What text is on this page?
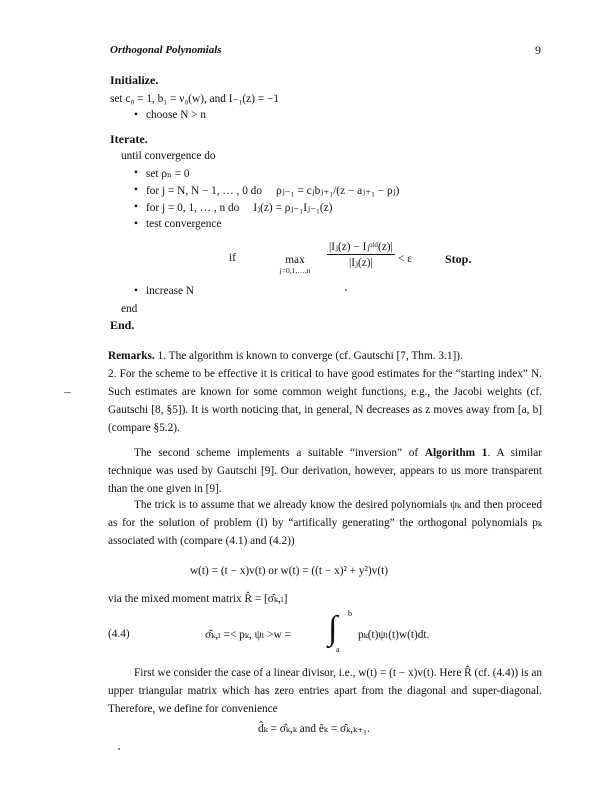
Orthogonal Polynomials	9
Initialize.
set c₀ = 1, b₁ = ν₀(w), and I₋₁(z) = −1
• choose N > n
Iterate.
until convergence do
• set ρₙ = 0
• for j = N, N − 1, … , 0 do     ρⱼ₋₁ = cⱼbⱼ₊₁/(z − aⱼ₊₁ − ρⱼ)
• for j = 0, 1, … , n do     Iⱼ(z) = ρⱼ₋₁Iⱼ₋₁(z)
• test convergence
if	max
j=0,1,…,n
$\frac{\text{|Iⱼ(z) − Iⱼᵒˡᵈ(z)|}}{\text{|Iⱼ(z)|}} < \varepsilon$	Stop.
• increase N
end
End.
Remarks. 1. The algorithm is known to converge (cf. Gautschi [7, Thm. 3.1]).
2. For the scheme to be effective it is critical to have good estimates for the “starting index” N. Such estimates are known for some common weight functions, e.g., the Jacobi weights (cf. Gautschi [8, §5]). It is worth noticing that, in general, N decreases as z moves away from [a, b] (compare §5.2).
The second scheme implements a suitable “inversion” of Algorithm 1. A similar technique was used by Gautschi [9]. Our derivation, however, appears to us more transparent than the one given in [9].
The trick is to assume that we already know the desired polynomials ψₖ and then proceed as for the solution of problem (I) by “artifically generating” the orthogonal polynomials pₖ associated with (compare (4.1) and (4.2))
w(t) = (t − x)v(t) or w(t) = ((t − x)² + y²)v(t)
via the mixed moment matrix R̂ = [σ̂ₖ,ₗ]
(4.4)	σ̂ₖ,ₗ =< pₖ, ψₗ >w = ∫ b
a
pₖ(t)ψₗ(t)w(t)dt.
First we consider the case of a linear divisor, i.e., w(t) = (t − x)v(t). Here R̂ (cf. (4.4)) is an upper triangular matrix which has zero entries apart from the diagonal and super-diagonal. Therefore, we define for convenience
d̂ₖ = σ̂ₖ,ₖ and êₖ = σ̂ₖ,ₖ₊₁.
